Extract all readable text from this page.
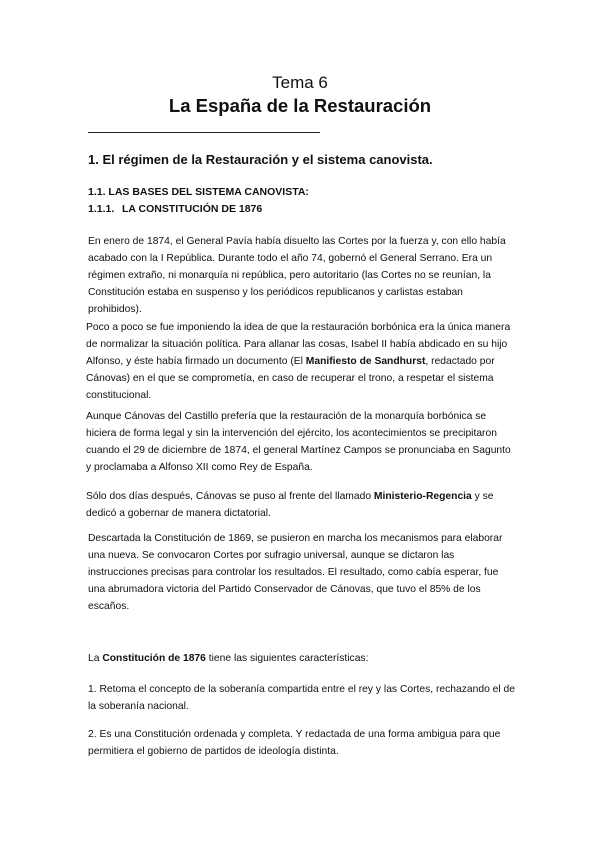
Tema 6
La España de la Restauración
1. El régimen de la Restauración y el sistema canovista.
1.1. LAS BASES DEL SISTEMA CANOVISTA:
1.1.1. LA CONSTITUCIÓN DE 1876

En enero de 1874, el General Pavía había disuelto las Cortes por la fuerza y, con ello había acabado con la I República. Durante todo el año 74, gobernó el General Serrano. Era un régimen extraño, ni monarquía ni república, pero autoritario (las Cortes no se reunían, la Constitución estaba en suspenso y los periódicos republicanos y carlistas estaban prohibidos).

Poco a poco se fue imponiendo la idea de que la restauración borbónica era la única manera de normalizar la situación política. Para allanar las cosas, Isabel II había abdicado en su hijo Alfonso, y éste había firmado un documento (El Manifiesto de Sandhurst, redactado por Cánovas) en el que se comprometía, en caso de recuperar el trono, a respetar el sistema constitucional.

Aunque Cánovas del Castillo prefería que la restauración de la monarquía borbónica se hiciera de forma legal y sin la intervención del ejército, los acontecimientos se precipitaron cuando el 29 de diciembre de 1874, el general Martínez Campos se pronunciaba en Sagunto y proclamaba a Alfonso XII como Rey de España.

Sólo dos días después, Cánovas se puso al frente del llamado Ministerio-Regencia y se dedicó a gobernar de manera dictatorial.

Descartada la Constitución de 1869, se pusieron en marcha los mecanismos para elaborar una nueva. Se convocaron Cortes por sufragio universal, aunque se dictaron las instrucciones precisas para controlar los resultados. El resultado, como cabía esperar, fue una abrumadora victoria del Partido Conservador de Cánovas, que tuvo el 85% de los escaños.

La Constitución de 1876 tiene las siguientes características:

1. Retoma el concepto de la soberanía compartida entre el rey y las Cortes, rechazando el de la soberanía nacional.

2. Es una Constitución ordenada y completa. Y redactada de una forma ambigua para que permitiera el gobierno de partidos de ideología distinta.
